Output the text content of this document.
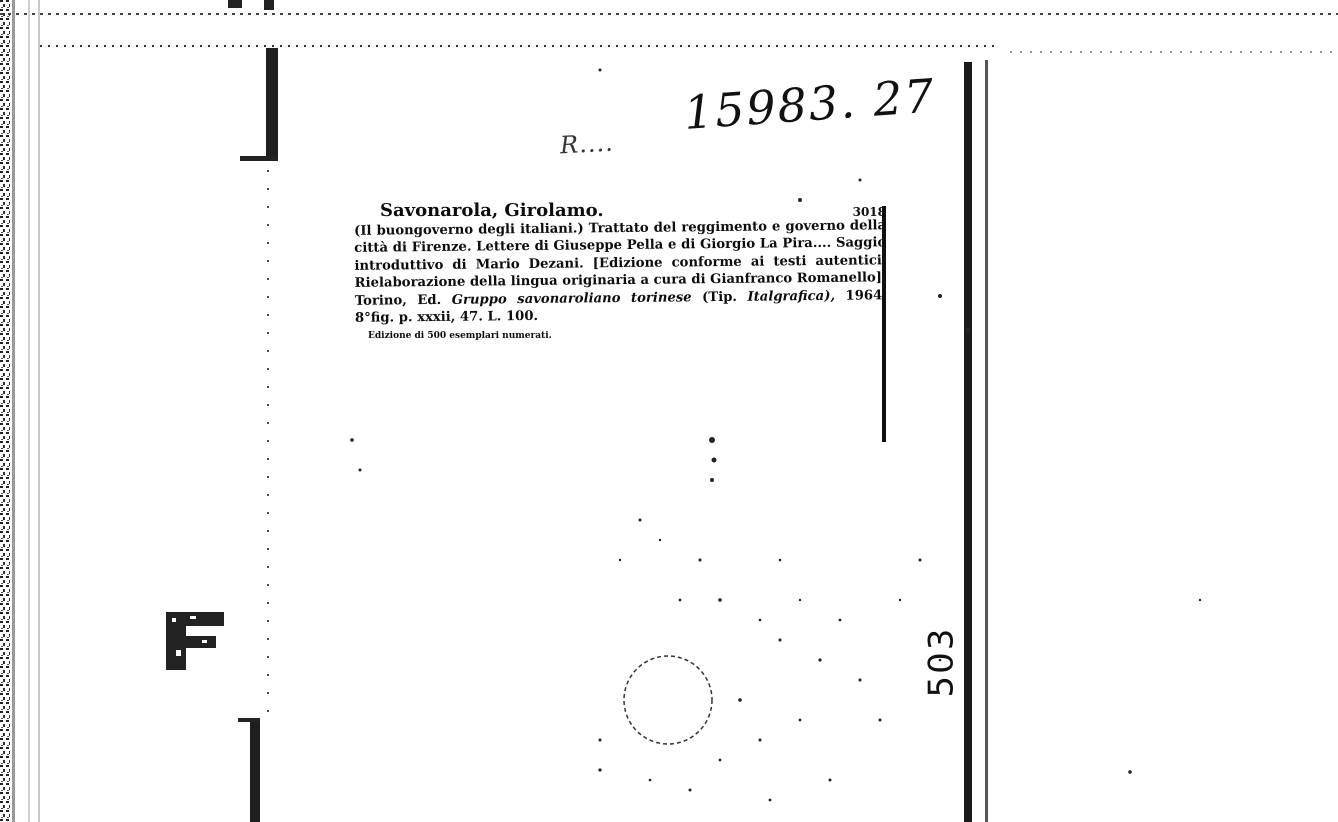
15983. 27
R....
Savonarola, Girolamo.	3018
(Il buongoverno degli italiani.) Trattato del reggimento e governo della città di Firenze. Lettere di Giuseppe Pella e di Giorgio La Pira.... Saggio introduttivo di Mario Dezani. [Edizione conforme ai testi autentici. Rielaborazione della lingua originaria a cura di Gianfranco Romanello]. Torino, Ed. Gruppo savonaroliano torinese (Tip. Italgrafica), 1964. 8°fig. p. xxxii, 47. L. 100.
Edizione di 500 esemplari numerati.
503
